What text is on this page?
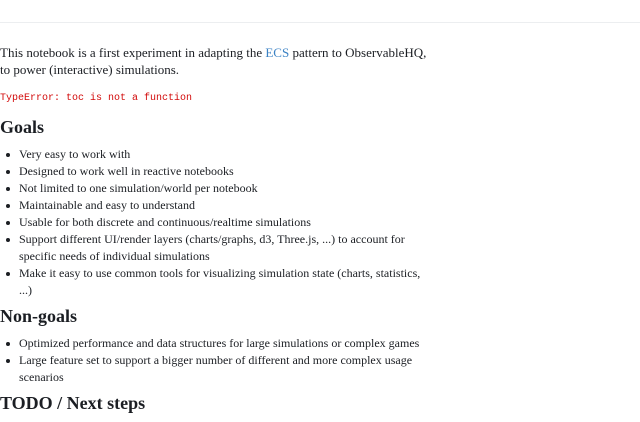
This notebook is a first experiment in adapting the ECS pattern to ObservableHQ, to power (interactive) simulations.

TypeError: toc is not a function
Goals
Very easy to work with
Designed to work well in reactive notebooks
Not limited to one simulation/world per notebook
Maintainable and easy to understand
Usable for both discrete and continuous/realtime simulations
Support different UI/render layers (charts/graphs, d3, Three.js, ...) to account for specific needs of individual simulations
Make it easy to use common tools for visualizing simulation state (charts, statistics, ...)
Non-goals
Optimized performance and data structures for large simulations or complex games
Large feature set to support a bigger number of different and more complex usage scenarios
TODO / Next steps
